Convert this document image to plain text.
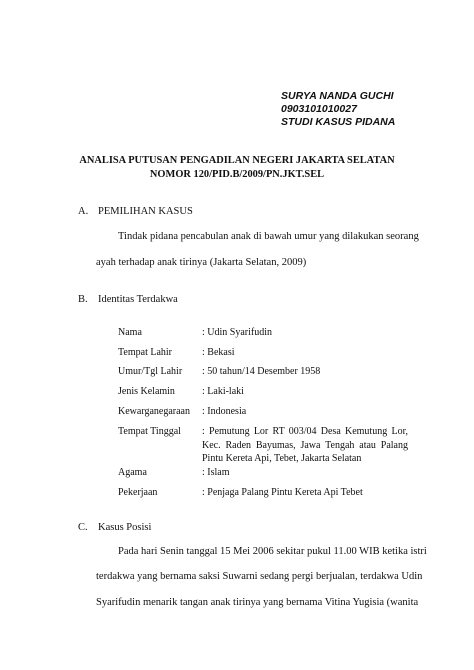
SURYA NANDA GUCHI
0903101010027
STUDI KASUS PIDANA
ANALISA PUTUSAN PENGADILAN NEGERI JAKARTA SELATAN
NOMOR 120/PID.B/2009/PN.JKT.SEL
A. PEMILIHAN KASUS
Tindak pidana pencabulan anak di bawah umur yang dilakukan seorang
ayah terhadap anak tirinya (Jakarta Selatan, 2009)
B. Identitas Terdakwa
Nama	: Udin Syarifudin
Tempat Lahir	: Bekasi
Umur/Tgl Lahir : 50 tahun/14 Desember 1958
Jenis Kelamin	: Laki-laki
Kewarganegaraan : Indonesia
Tempat Tinggal : Pemutung Lor RT 003/04 Desa Kemutung Lor, Kec. Raden Bayumas, Jawa Tengah atau Palang Pintu Kereta Api, Tebet, Jakarta Selatan
Agama	: Islam
Pekerjaan	: Penjaga Palang Pintu Kereta Api Tebet
C. Kasus Posisi
Pada hari Senin tanggal 15 Mei 2006 sekitar pukul 11.00 WIB ketika istri
terdakwa yang bernama saksi Suwarni sedang pergi berjualan, terdakwa Udin
Syarifudin menarik tangan anak tirinya yang bernama Vitina Yugisia (wanita
